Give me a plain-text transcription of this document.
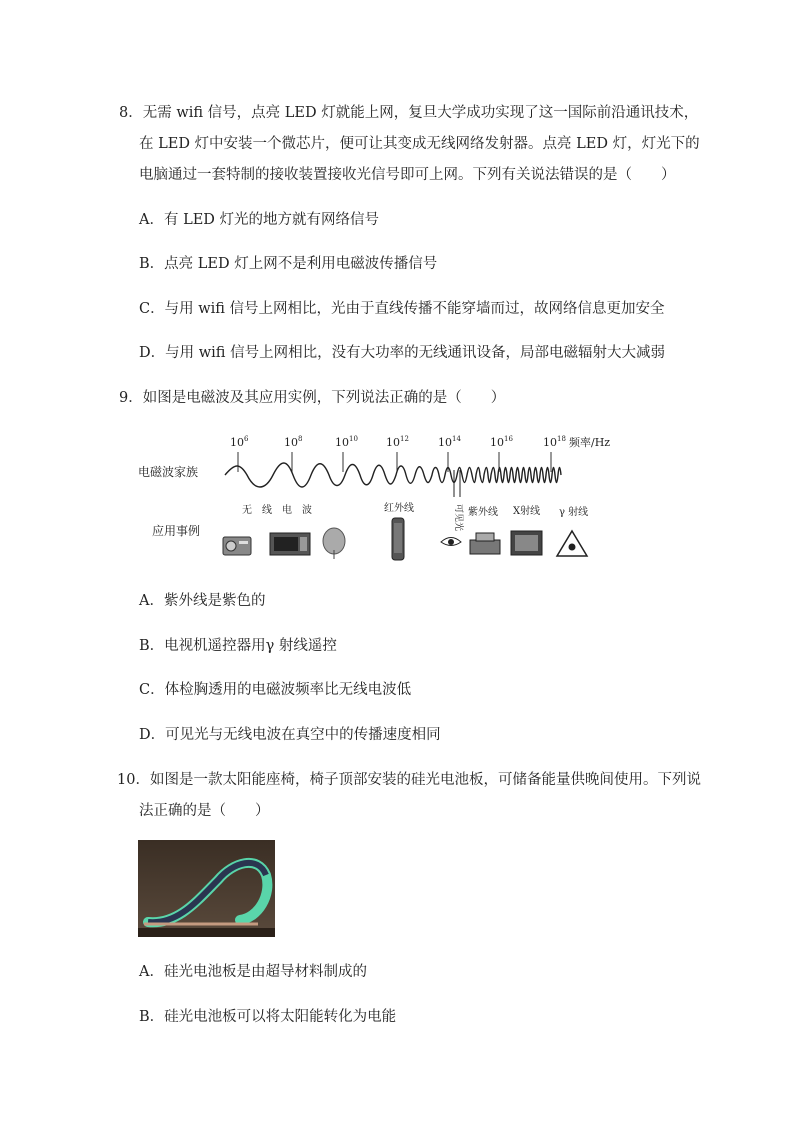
8．无需 wifi 信号，点亮 LED 灯就能上网，复旦大学成功实现了这一国际前沿通讯技术，
在 LED 灯中安装一个微芯片，便可让其变成无线网络发射器。点亮 LED 灯，灯光下的
电脑通过一套特制的接收装置接收光信号即可上网。下列有关说法错误的是（　　）
A．有 LED 灯光的地方就有网络信号
B．点亮 LED 灯上网不是利用电磁波传播信号
C．与用 wifi 信号上网相比，光由于直线传播不能穿墙而过，故网络信息更加安全
D．与用 wifi 信号上网相比，没有大功率的无线通讯设备，局部电磁辐射大大减弱
9．如图是电磁波及其应用实例，下列说法正确的是（　　）
$10^6$	$10^8$	$10^{10}$	$10^{12}$	$10^{14}$	$10^{16}$	$10^{18}$ 频率/Hz
电磁波家族
无　线　电　波	红外线	可见光 紫外线 X射线 γ 射线
应用事例
A．紫外线是紫色的
B．电视机遥控器用γ 射线遥控
C．体检胸透用的电磁波频率比无线电波低
D．可见光与无线电波在真空中的传播速度相同
10．如图是一款太阳能座椅，椅子顶部安装的硅光电池板，可储备能量供晚间使用。下列说
法正确的是（　　）
A．硅光电池板是由超导材料制成的
B．硅光电池板可以将太阳能转化为电能
